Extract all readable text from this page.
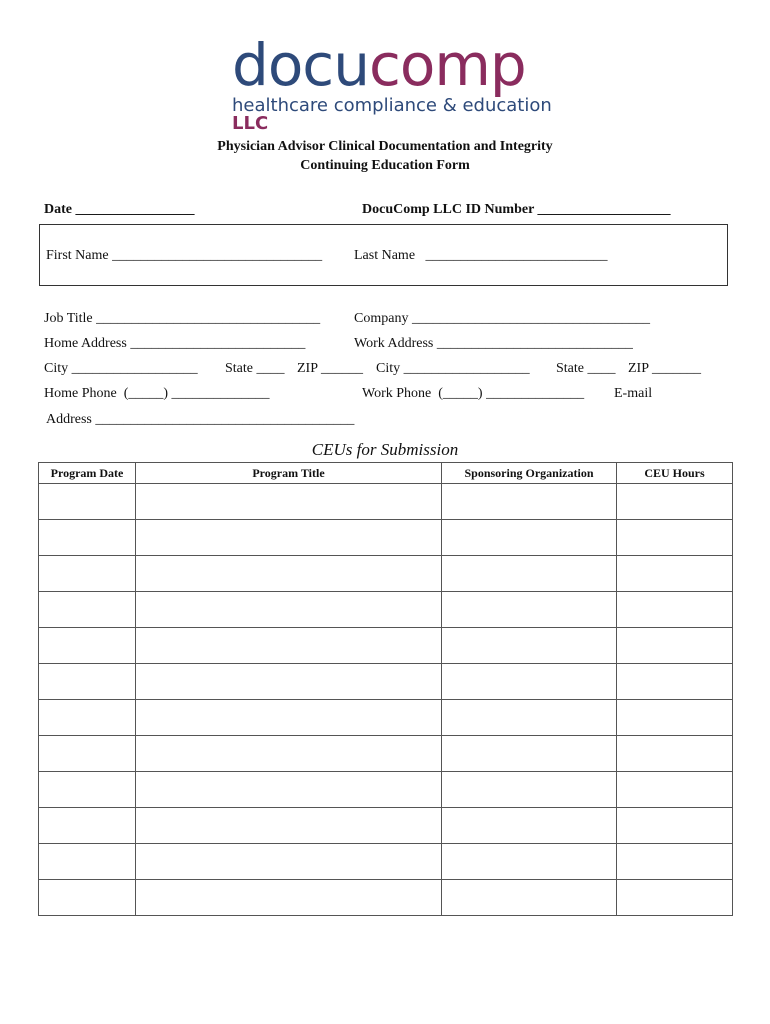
docucomp
healthcare compliance & education LLC
Physician Advisor Clinical Documentation and Integrity
Continuing Education Form
Date _________________	DocuComp LLC ID Number ___________________
First Name ______________________________ Last Name   __________________________
Job Title ________________________________ Company __________________________________
Home Address _________________________	Work Address ____________________________
City __________________ State ____ ZIP ______ City __________________ State ____ ZIP _______
Home Phone  (_____) ______________	Work Phone  (_____) ______________ E-mail
Address _____________________________________
CEUs for Submission
Program Date	Program Title	Sponsoring Organization	CEU Hours
